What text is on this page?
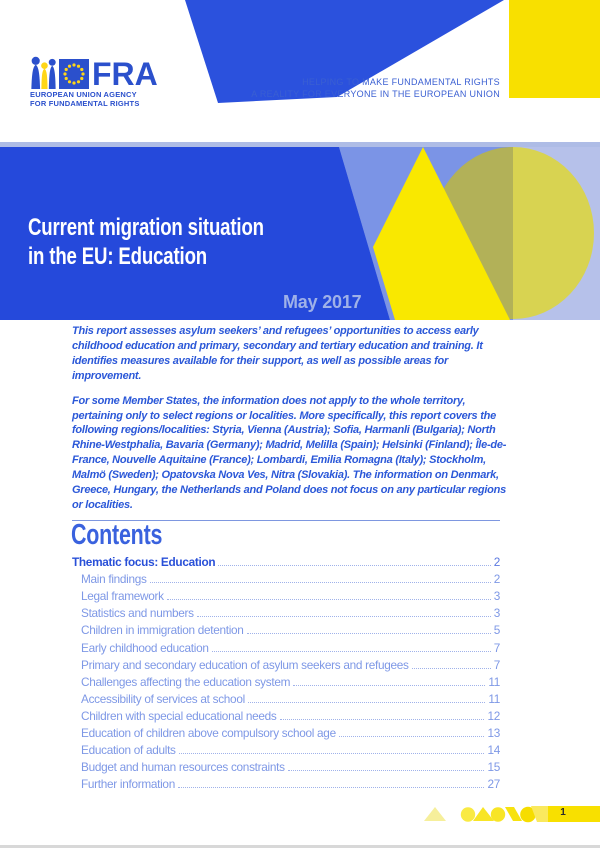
FRA
EUROPEAN UNION AGENCY
FOR FUNDAMENTAL RIGHTS
HELPING TO MAKE FUNDAMENTAL RIGHTS
A REALITY FOR EVERYONE IN THE EUROPEAN UNION
Current migration situation
in the EU: Education
May 2017

This report assesses asylum seekers’ and refugees’ opportunities to access early childhood education and primary, secondary and tertiary education and training. It identifies measures available for their support, as well as possible areas for improvement.

For some Member States, the information does not apply to the whole territory, pertaining only to select regions or localities. More specifically, this report covers the following regions/localities: Styria, Vienna (Austria); Sofia, Harmanli (Bulgaria); North Rhine-Westphalia, Bavaria (Germany); Madrid, Melilla (Spain); Helsinki (Finland); Île-de-France, Nouvelle Aquitaine (France); Lombardi, Emilia Romagna (Italy); Stockholm, Malmö (Sweden); Opatovska Nova Ves, Nitra (Slovakia). The information on Denmark, Greece, Hungary, the Netherlands and Poland does not focus on any particular regions or localities.

Contents
Thematic focus: Education	2
Main findings	2
Legal framework	3
Statistics and numbers	3
Children in immigration detention	5
Early childhood education	7
Primary and secondary education of asylum seekers and refugees	7
Challenges affecting the education system	11
Accessibility of services at school	11
Children with special educational needs	12
Education of children above compulsory school age	13
Education of adults	14
Budget and human resources constraints	15
Further information	27
1
